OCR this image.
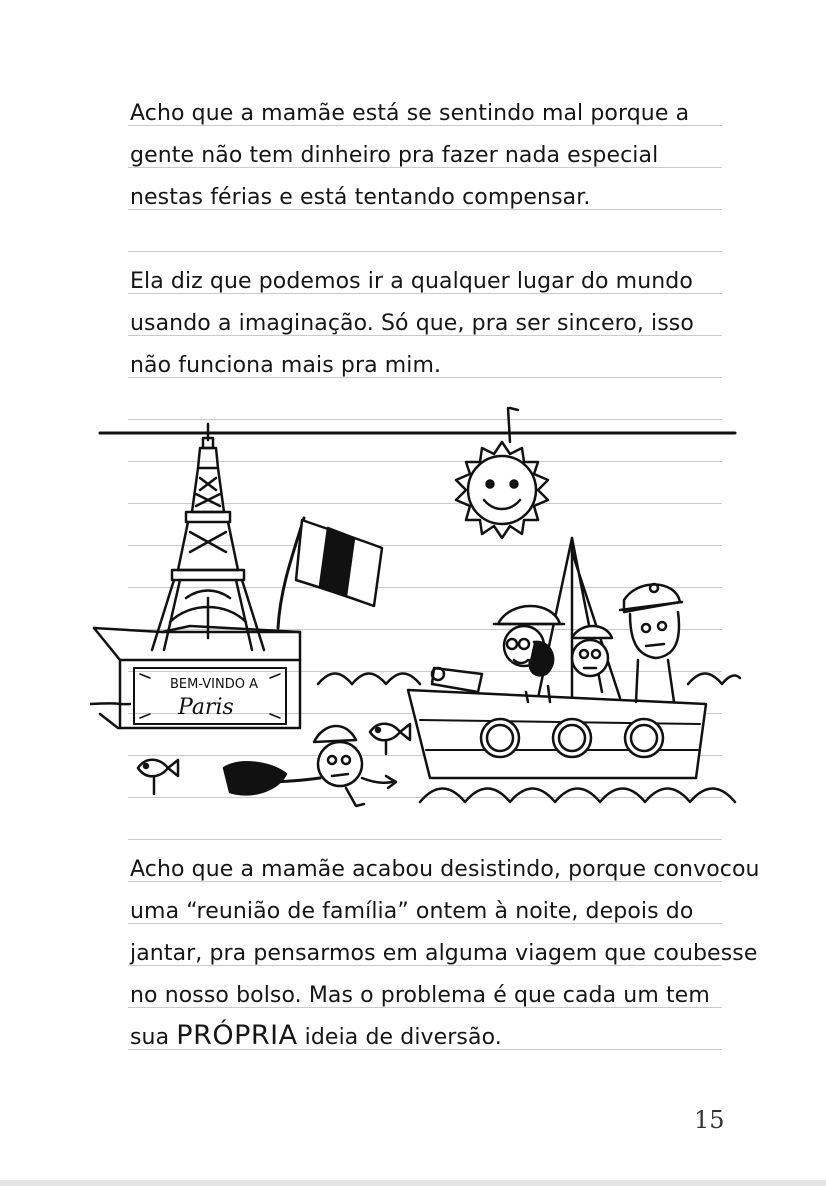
Acho que a mamãe está se sentindo mal porque a
gente não tem dinheiro pra fazer nada especial
nestas férias e está tentando compensar.
Ela diz que podemos ir a qualquer lugar do mundo
usando a imaginação. Só que, pra ser sincero, isso
não funciona mais pra mim.
BEM-VINDO A
Paris
Acho que a mamãe acabou desistindo, porque convocou
uma “reunião de família” ontem à noite, depois do
jantar, pra pensarmos em alguma viagem que coubesse
no nosso bolso. Mas o problema é que cada um tem
sua PRÓPRIA ideia de diversão.
15
